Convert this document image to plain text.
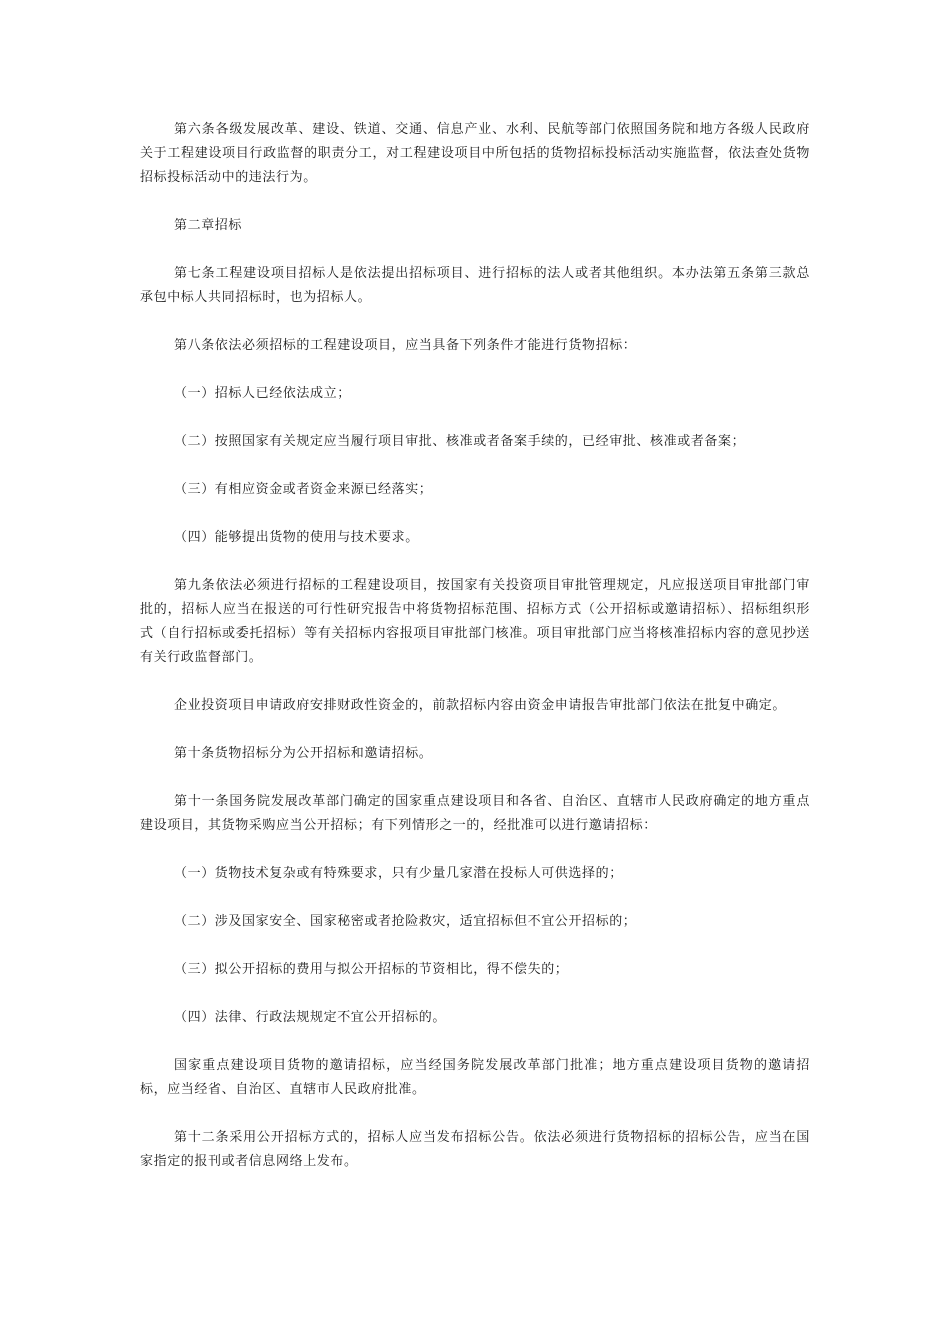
第六条各级发展改革、建设、铁道、交通、信息产业、水利、民航等部门依照国务院和地方各级人民政府关于工程建设项目行政监督的职责分工，对工程建设项目中所包括的货物招标投标活动实施监督，依法查处货物招标投标活动中的违法行为。

第二章招标

第七条工程建设项目招标人是依法提出招标项目、进行招标的法人或者其他组织。本办法第五条第三款总承包中标人共同招标时，也为招标人。

第八条依法必须招标的工程建设项目，应当具备下列条件才能进行货物招标：

（一）招标人已经依法成立；

（二）按照国家有关规定应当履行项目审批、核准或者备案手续的，已经审批、核准或者备案；

（三）有相应资金或者资金来源已经落实；

（四）能够提出货物的使用与技术要求。

第九条依法必须进行招标的工程建设项目，按国家有关投资项目审批管理规定，凡应报送项目审批部门审批的，招标人应当在报送的可行性研究报告中将货物招标范围、招标方式（公开招标或邀请招标）、招标组织形式（自行招标或委托招标）等有关招标内容报项目审批部门核准。项目审批部门应当将核准招标内容的意见抄送有关行政监督部门。

企业投资项目申请政府安排财政性资金的，前款招标内容由资金申请报告审批部门依法在批复中确定。

第十条货物招标分为公开招标和邀请招标。

第十一条国务院发展改革部门确定的国家重点建设项目和各省、自治区、直辖市人民政府确定的地方重点建设项目，其货物采购应当公开招标；有下列情形之一的，经批准可以进行邀请招标：

（一）货物技术复杂或有特殊要求，只有少量几家潜在投标人可供选择的；

（二）涉及国家安全、国家秘密或者抢险救灾，适宜招标但不宜公开招标的；

（三）拟公开招标的费用与拟公开招标的节资相比，得不偿失的；

（四）法律、行政法规规定不宜公开招标的。

国家重点建设项目货物的邀请招标，应当经国务院发展改革部门批准；地方重点建设项目货物的邀请招标，应当经省、自治区、直辖市人民政府批准。

第十二条采用公开招标方式的，招标人应当发布招标公告。依法必须进行货物招标的招标公告，应当在国家指定的报刊或者信息网络上发布。
